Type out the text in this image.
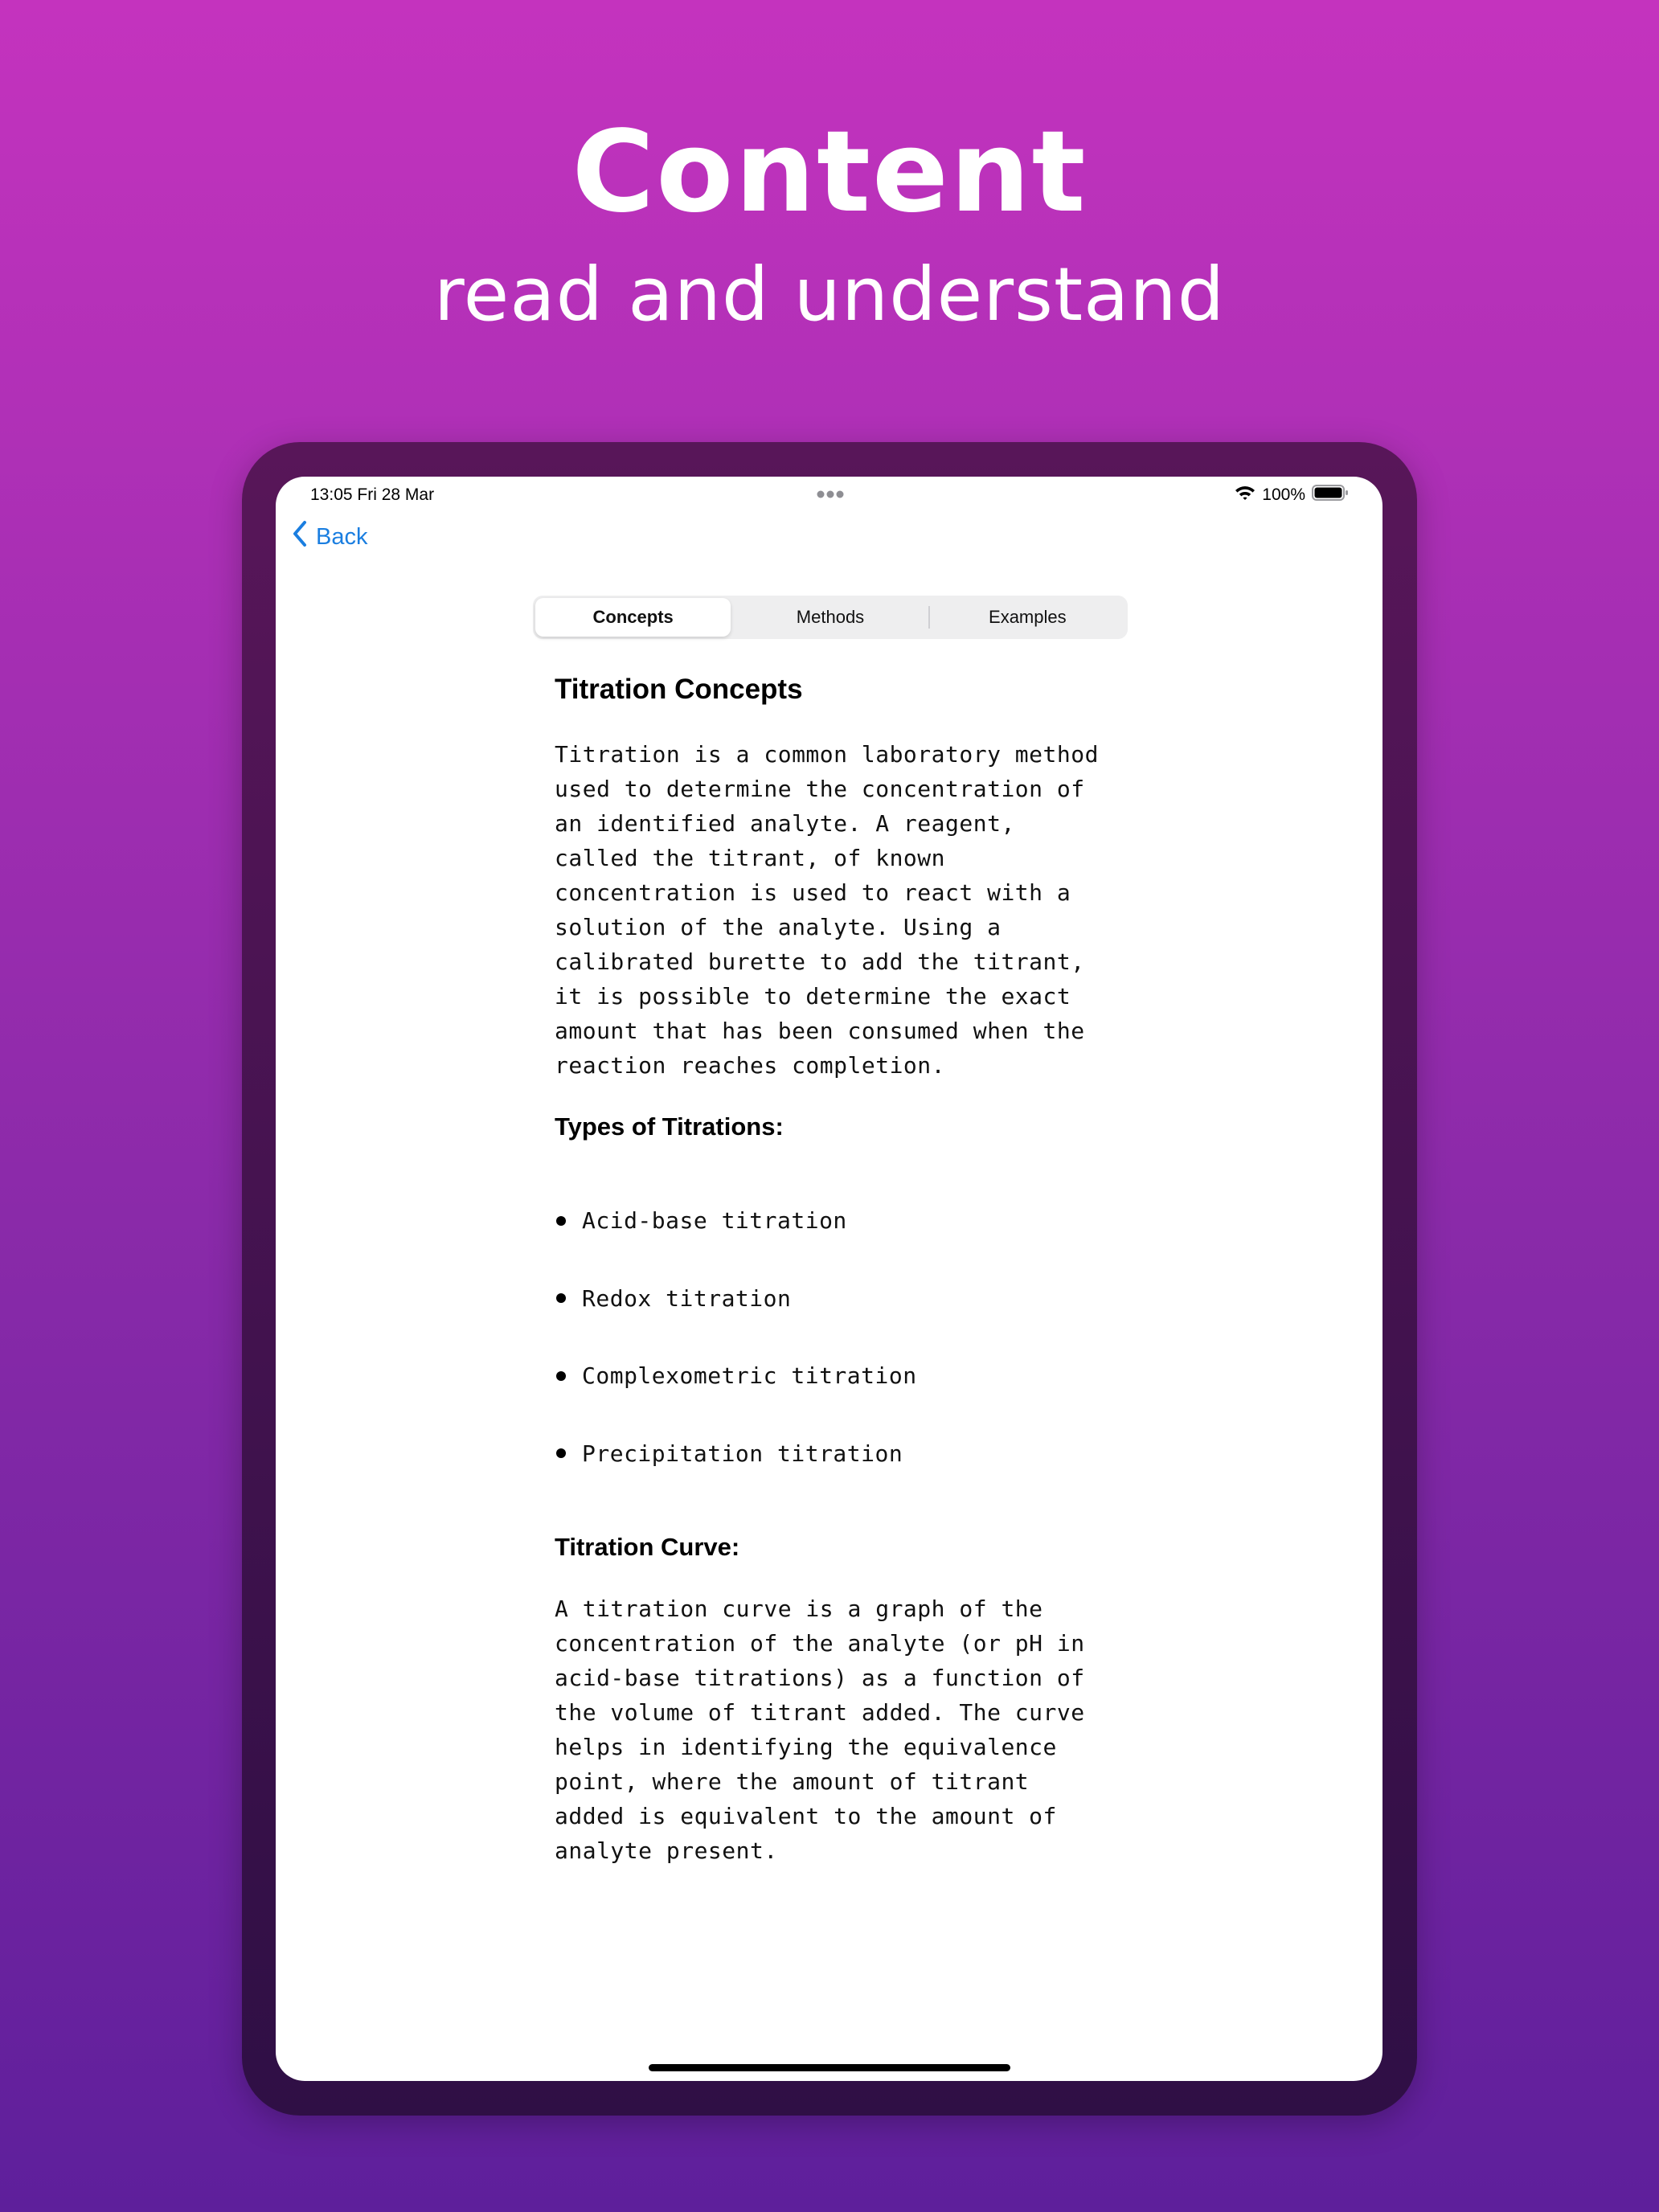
Content
read and understand
13:05 Fri 28 Mar	100%
Back
Concepts	Methods	Examples
Titration Concepts
Titration is a common laboratory method
used to determine the concentration of
an identified analyte. A reagent,
called the titrant, of known
concentration is used to react with a
solution of the analyte. Using a
calibrated burette to add the titrant,
it is possible to determine the exact
amount that has been consumed when the
reaction reaches completion.
Types of Titrations:

Acid-base titration

Redox titration

Complexometric titration

Precipitation titration

Titration Curve:
A titration curve is a graph of the
concentration of the analyte (or pH in
acid-base titrations) as a function of
the volume of titrant added. The curve
helps in identifying the equivalence
point, where the amount of titrant
added is equivalent to the amount of
analyte present.
